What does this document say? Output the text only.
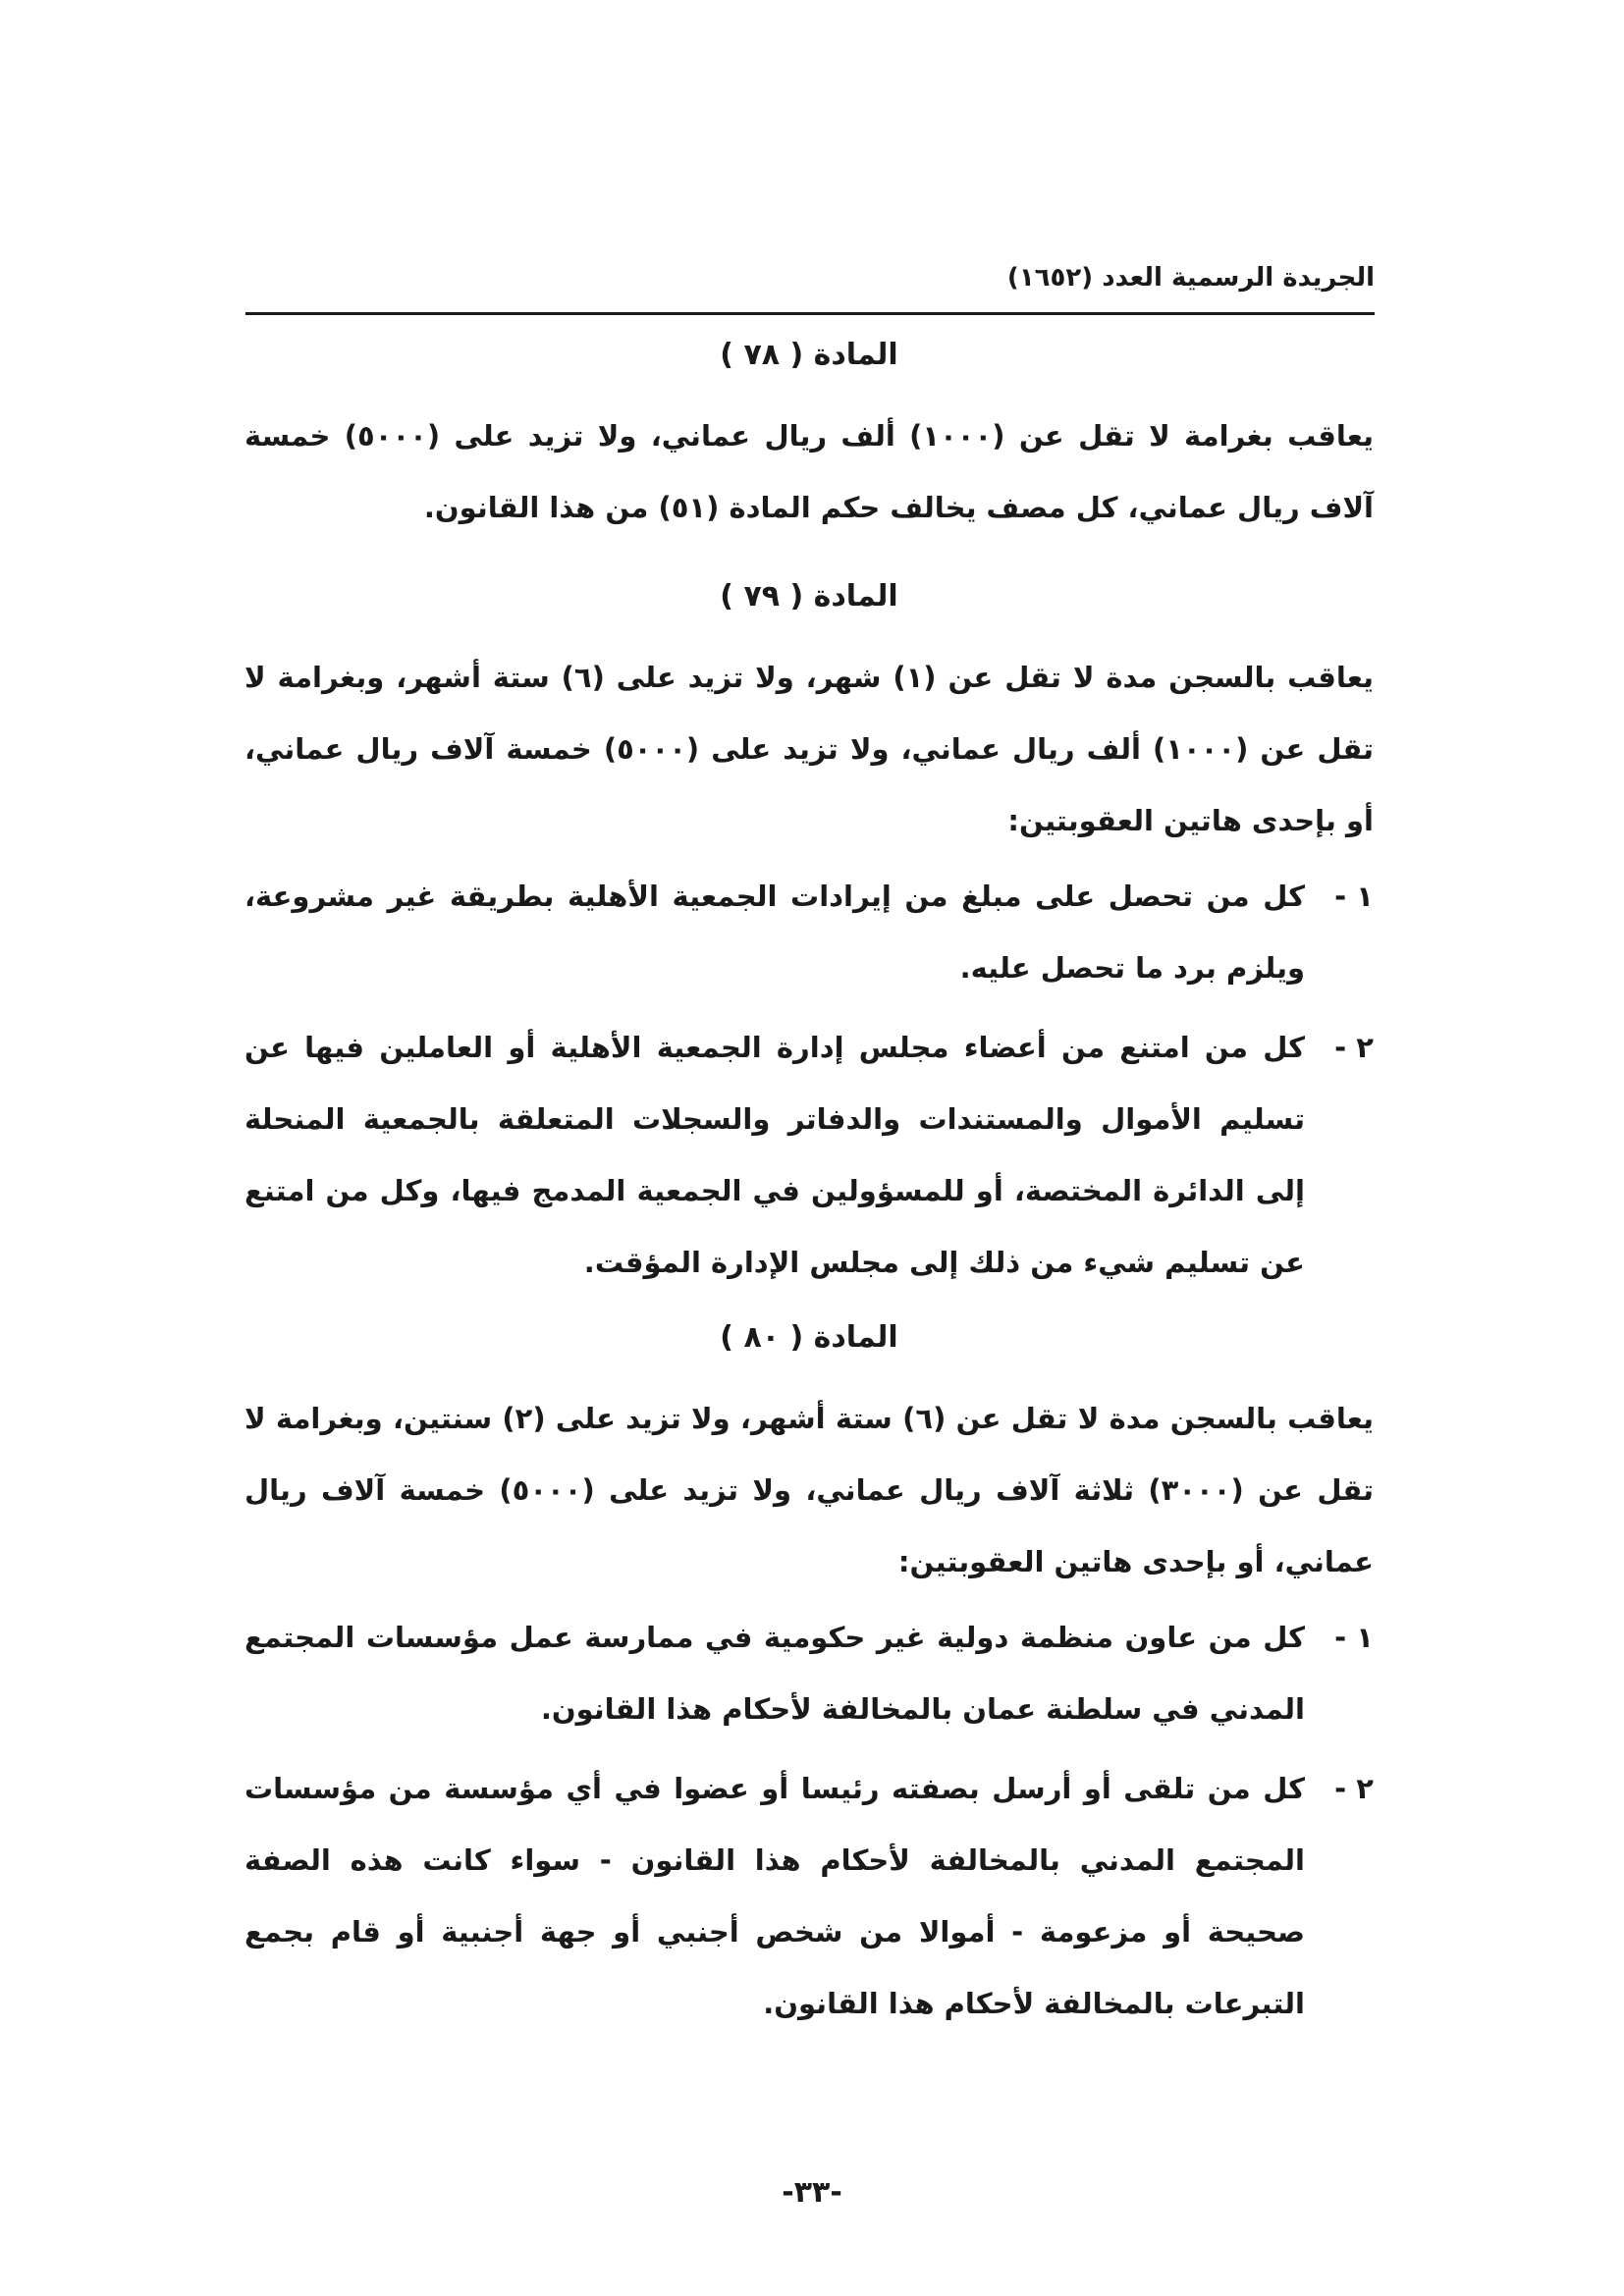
الجريدة الرسمية العدد (١٦٥٢)
المادة ( ٧٨ )

يعاقب بغرامة لا تقل عن (١٠٠٠) ألف ريال عماني، ولا تزيد على (٥٠٠٠) خمسة آلاف ريال عماني، كل مصف يخالف حكم المادة (٥١) من هذا القانون.

المادة ( ٧٩ )

يعاقب بالسجن مدة لا تقل عن (١) شهر، ولا تزيد على (٦) ستة أشهر، وبغرامة لا تقل عن (١٠٠٠) ألف ريال عماني، ولا تزيد على (٥٠٠٠) خمسة آلاف ريال عماني، أو بإحدى هاتين العقوبتين:

١ -
كل من تحصل على مبلغ من إيرادات الجمعية الأهلية بطريقة غير مشروعة، ويلزم برد ما تحصل عليه.
٢ -
كل من امتنع من أعضاء مجلس إدارة الجمعية الأهلية أو العاملين فيها عن تسليم الأموال والمستندات والدفاتر والسجلات المتعلقة بالجمعية المنحلة إلى الدائرة المختصة، أو للمسؤولين في الجمعية المدمج فيها، وكل من امتنع عن تسليم شيء من ذلك إلى مجلس الإدارة المؤقت.
المادة ( ٨٠ )

يعاقب بالسجن مدة لا تقل عن (٦) ستة أشهر، ولا تزيد على (٢) سنتين، وبغرامة لا تقل عن (٣٠٠٠) ثلاثة آلاف ريال عماني، ولا تزيد على (٥٠٠٠) خمسة آلاف ريال عماني، أو بإحدى هاتين العقوبتين:

١ -
كل من عاون منظمة دولية غير حكومية في ممارسة عمل مؤسسات المجتمع المدني في سلطنة عمان بالمخالفة لأحكام هذا القانون.
٢ -
كل من تلقى أو أرسل بصفته رئيسا أو عضوا في أي مؤسسة من مؤسسات المجتمع المدني بالمخالفة لأحكام هذا القانون - سواء كانت هذه الصفة صحيحة أو مزعومة - أموالا من شخص أجنبي أو جهة أجنبية أو قام بجمع التبرعات بالمخالفة لأحكام هذا القانون.
-٣٣-
